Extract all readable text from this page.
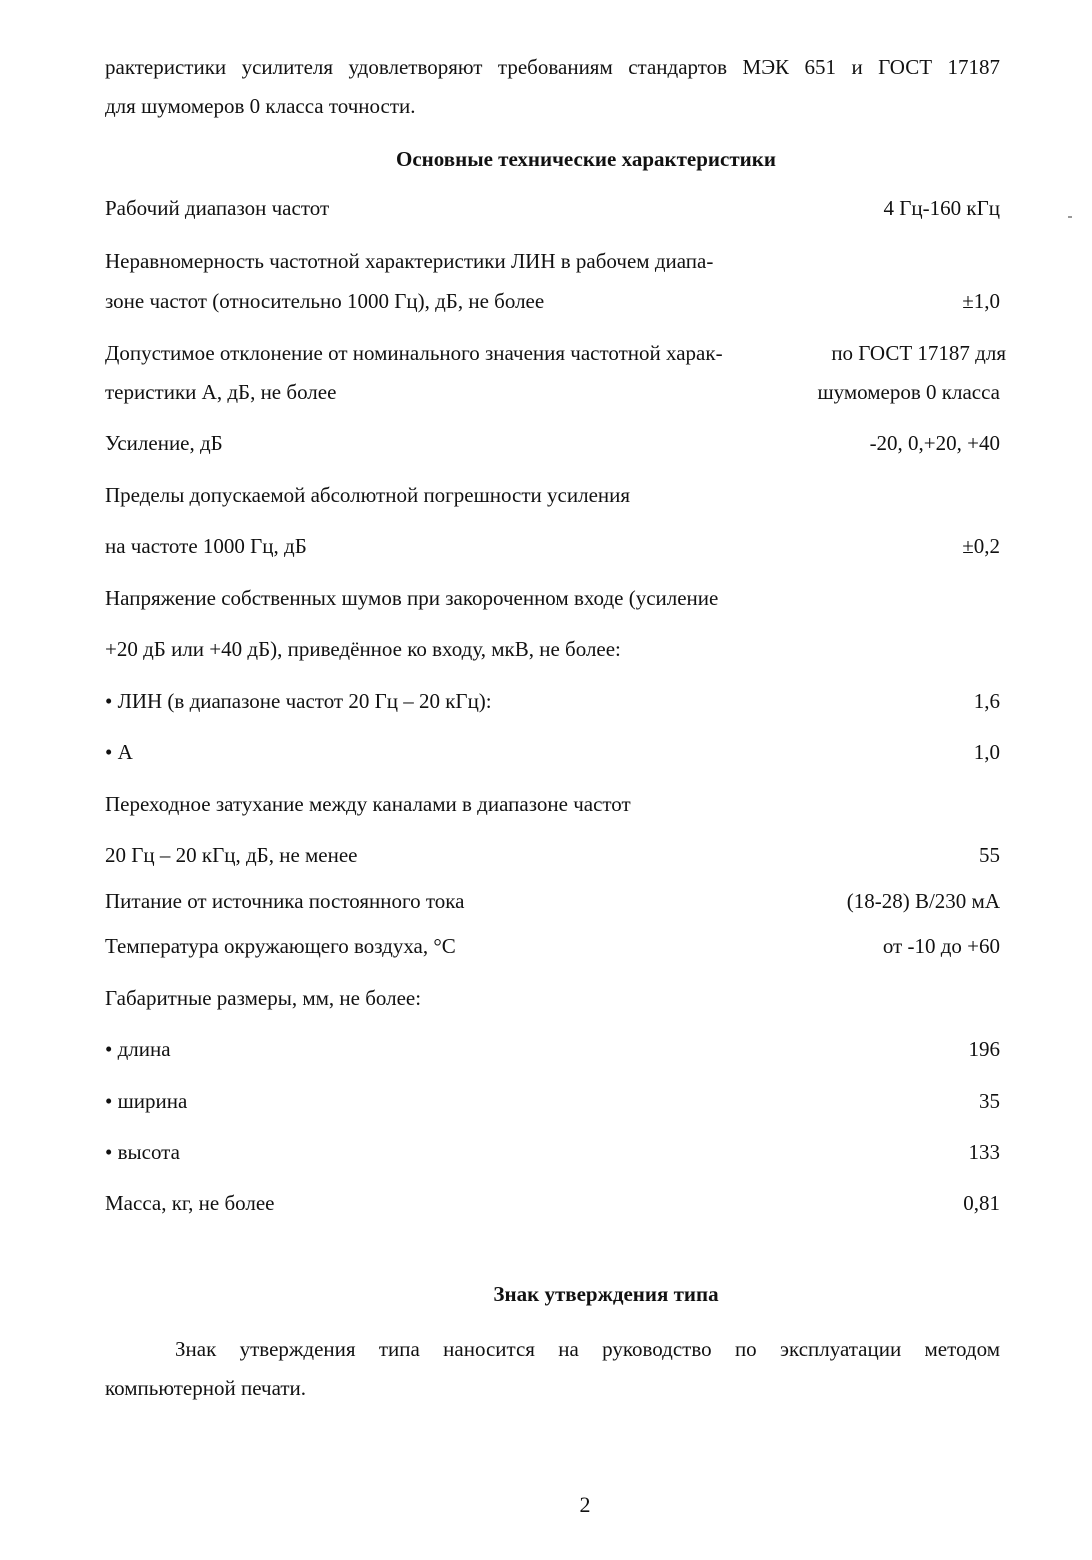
рактеристики усилителя удовлетворяют требованиям стандартов МЭК 651 и ГОСТ 17187
для шумомеров 0 класса точности.
Основные технические характеристики
Рабочий диапазон частот	4 Гц-160 кГц
Неравномерность частотной характеристики ЛИН в рабочем диапа-
зоне частот (относительно 1000 Гц), дБ, не более	±1,0
Допустимое отклонение от номинального значения частотной харак-	по ГОСТ 17187 для
теристики А, дБ, не более	шумомеров 0 класса
Усиление, дБ	-20, 0,+20, +40
Пределы допускаемой абсолютной погрешности усиления
на частоте 1000 Гц, дБ	±0,2
Напряжение собственных шумов при закороченном входе (усиление
+20 дБ или +40 дБ), приведённое ко входу, мкВ, не более:
• ЛИН (в диапазоне частот 20 Гц – 20 кГц):	1,6
• А	1,0
Переходное затухание между каналами в диапазоне частот
20 Гц – 20 кГц, дБ, не менее	55
Питание от источника постоянного тока	(18-28) В/230 мА
Температура окружающего воздуха, °С	от -10 до +60
Габаритные размеры, мм, не более:
• длина	196
• ширина	35
• высота	133
Масса, кг, не более	0,81
Знак утверждения типа
Знак утверждения типа наносится на руководство по эксплуатации методом
компьютерной печати.
2
